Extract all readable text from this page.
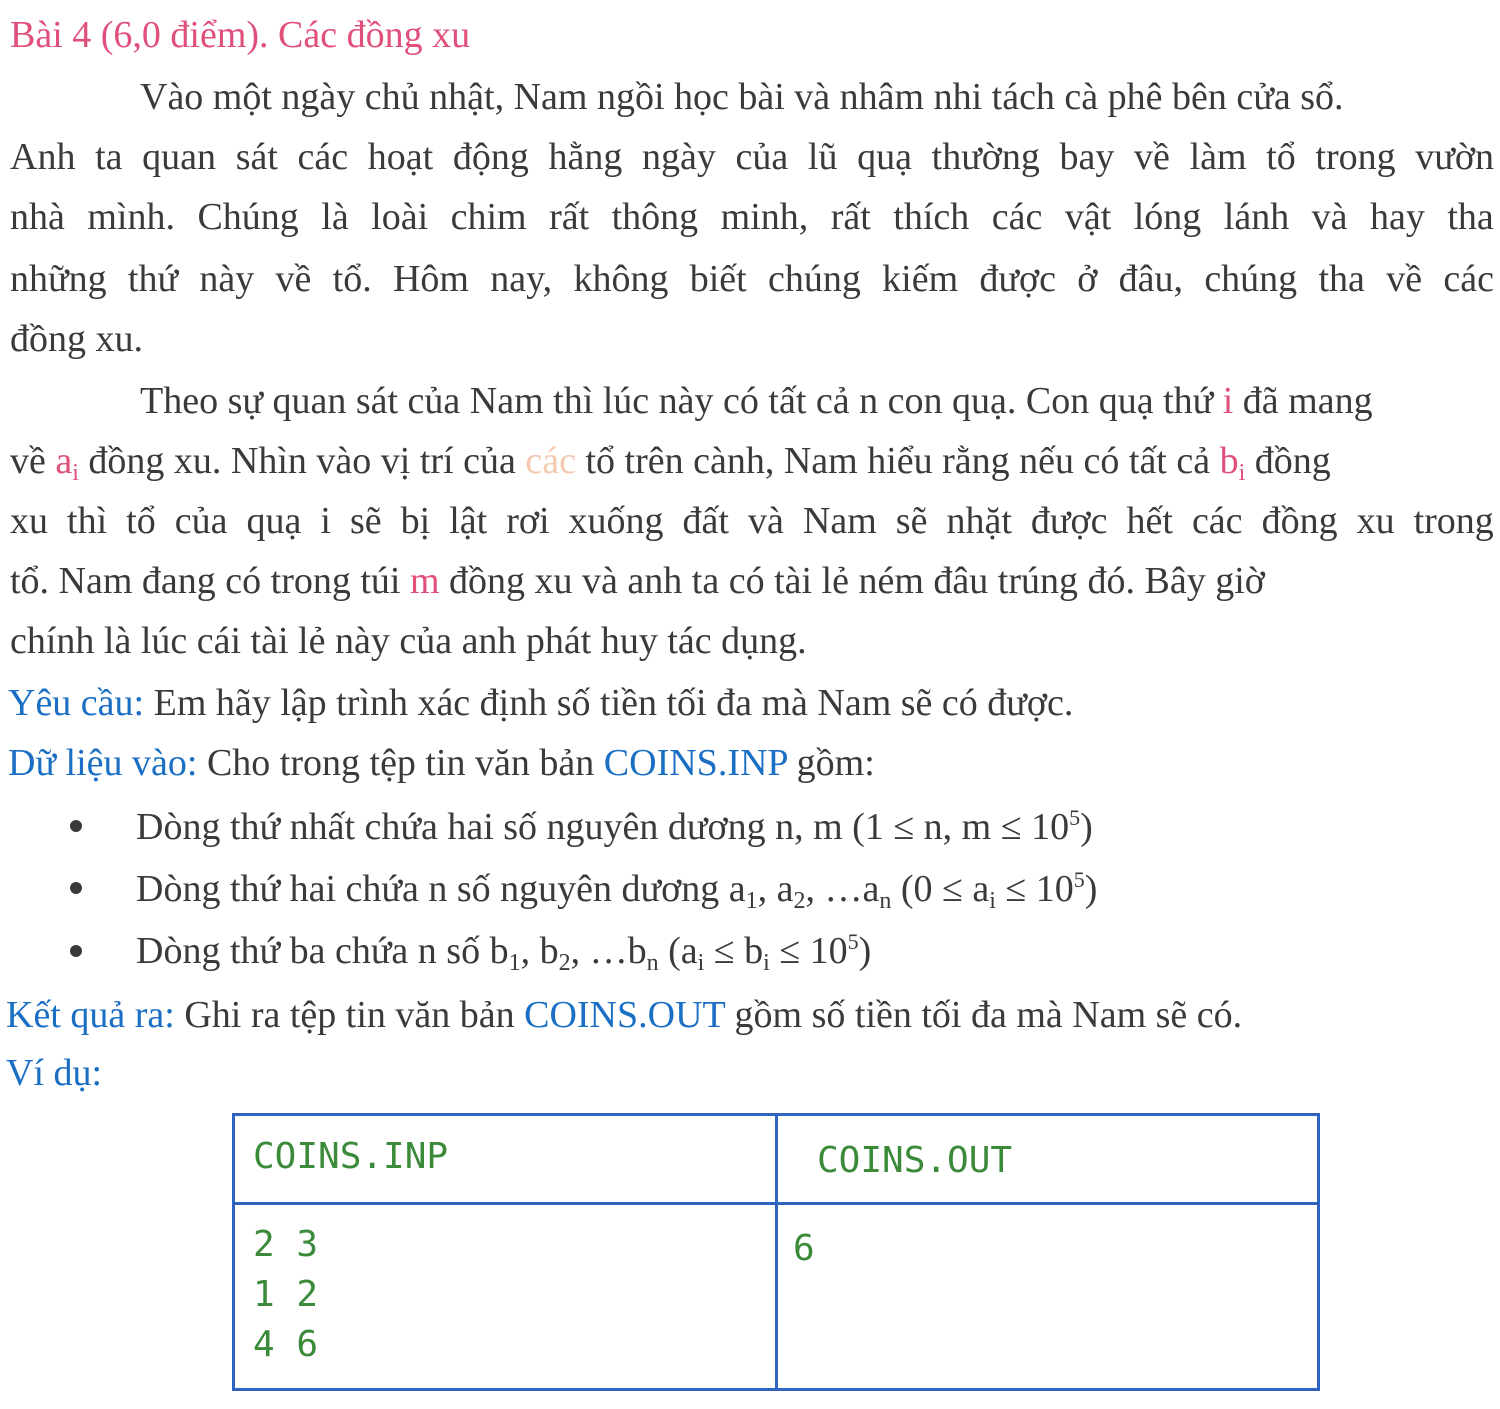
Bài 4 (6,0 điểm). Các đồng xu
Vào một ngày chủ nhật, Nam ngồi học bài và nhâm nhi tách cà phê bên cửa sổ.
Anh ta quan sát các hoạt động hằng ngày của lũ quạ thường bay về làm tổ trong vườn
nhà mình. Chúng là loài chim rất thông minh, rất thích các vật lóng lánh và hay tha
những thứ này về tổ. Hôm nay, không biết chúng kiếm được ở đâu, chúng tha về các
đồng xu.
Theo sự quan sát của Nam thì lúc này có tất cả n con quạ. Con quạ thứ i đã mang
về $a_i$ đồng xu. Nhìn vào vị trí của các tổ trên cành, Nam hiểu rằng nếu có tất cả $b_i$ đồng
xu thì tổ của quạ i sẽ bị lật rơi xuống đất và Nam sẽ nhặt được hết các đồng xu trong
tổ. Nam đang có trong túi m đồng xu và anh ta có tài lẻ ném đâu trúng đó. Bây giờ
chính là lúc cái tài lẻ này của anh phát huy tác dụng.
Yêu cầu: Em hãy lập trình xác định số tiền tối đa mà Nam sẽ có được.
Dữ liệu vào: Cho trong tệp tin văn bản COINS.INP gồm:
Dòng thứ nhất chứa hai số nguyên dương n, m (1 ≤ n, $m \le 10^5$)
Dòng thứ hai chứa n số nguyên dương $a_1$, $a_2$, $\dots a_n$ $(0 \le a_i \le 10^5)$
Dòng thứ ba chứa n số $b_1$, $b_2$, $\dots b_n$ $(a_i \le b_i \le 10^5)$
Kết quả ra: Ghi ra tệp tin văn bản COINS.OUT gồm số tiền tối đa mà Nam sẽ có.
Ví dụ:
COINS.INP	COINS.OUT
2 3
1 2
4 6
6
